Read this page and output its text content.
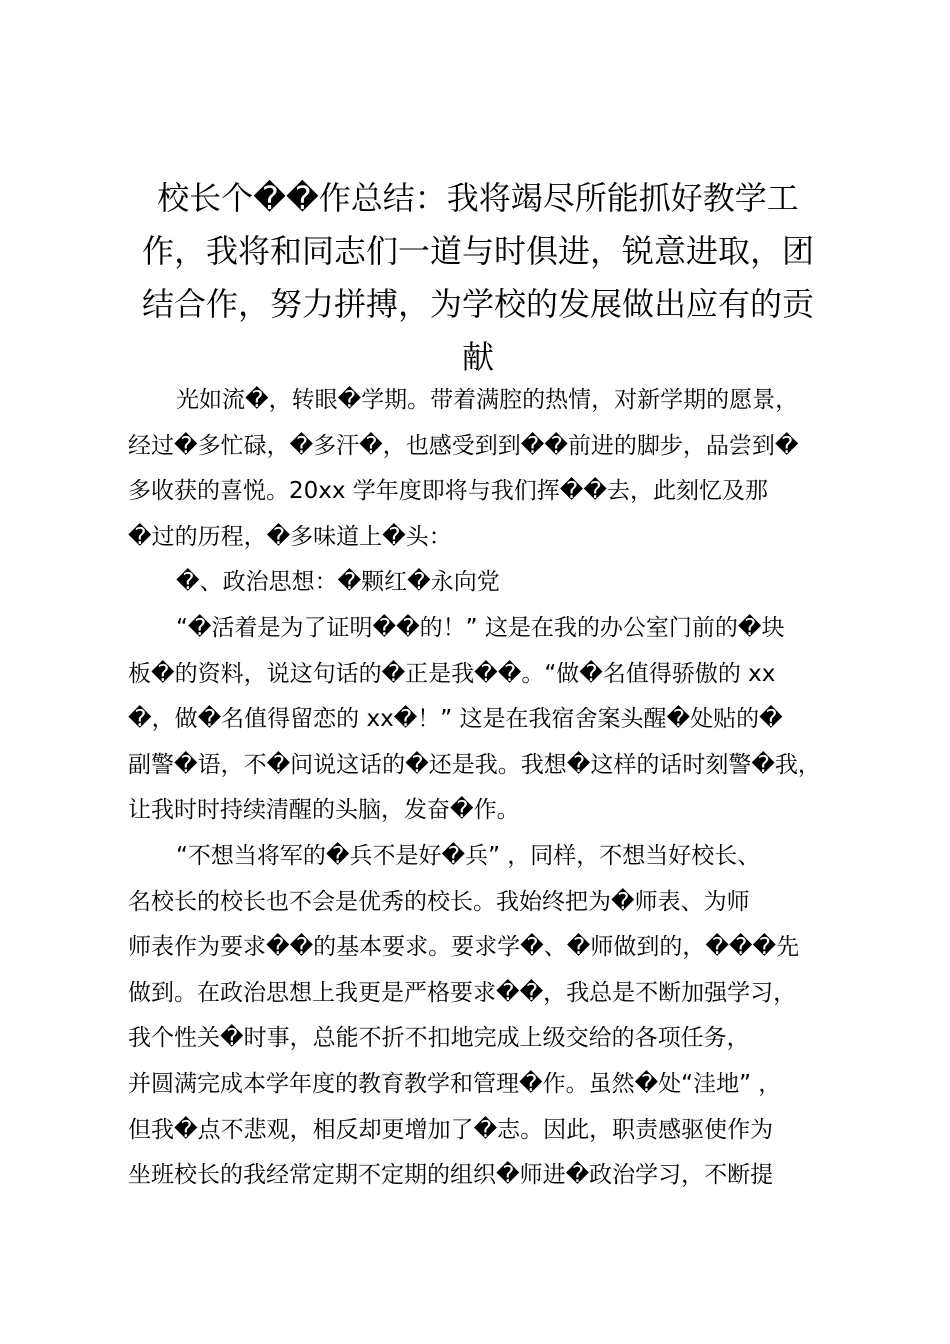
校长个��作总结：我将竭尽所能抓好教学工作，我将和同志们一道与时俱进，锐意进取，团结合作，努力拼搏，为学校的发展做出应有的贡献
光如流�，转眼�学期。带着满腔的热情，对新学期的愿景，
经过�多忙碌，�多汗�，也感受到到��前进的脚步，品尝到�
多收获的喜悦。20xx 学年度即将与我们挥��去，此刻忆及那
�过的历程，�多味道上�头：
�、政治思想：�颗红�永向党
“�活着是为了证明��的！” 这是在我的办公室门前的�块
板�的资料，说这句话的�正是我��。“做�名值得骄傲的 xx
�，做�名值得留恋的 xx�！” 这是在我宿舍案头醒�处贴的�
副警�语，不�问说这话的�还是我。我想�这样的话时刻警�我，
让我时时持续清醒的头脑，发奋�作。
“不想当将军的�兵不是好�兵” ，同样，不想当好校长、
名校长的校长也不会是优秀的校长。我始终把为�师表、为师
师表作为要求��的基本要求。要求学�、�师做到的，���先
做到。在政治思想上我更是严格要求��，我总是不断加强学习，
我个性关�时事，总能不折不扣地完成上级交给的各项任务，
并圆满完成本学年度的教育教学和管理�作。虽然�处“洼地” ，
但我�点不悲观，相反却更增加了�志。因此，职责感驱使作为
坐班校长的我经常定期不定期的组织�师进�政治学习，不断提
